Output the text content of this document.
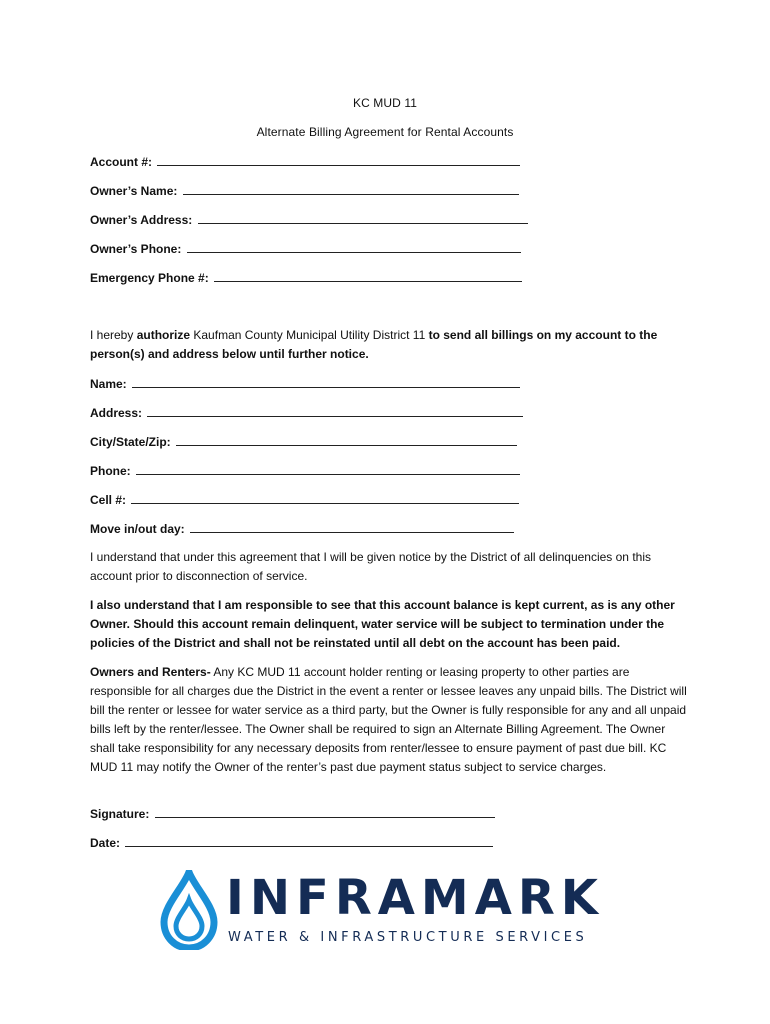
KC MUD 11
Alternate Billing Agreement for Rental Accounts
Account #:
Owner’s Name:
Owner’s Address:
Owner’s Phone:
Emergency Phone #:
I hereby authorize Kaufman County Municipal Utility District 11 to send all billings on my account to the person(s) and address below until further notice.
Name:
Address:
City/State/Zip:
Phone:
Cell #:
Move in/out day:
I understand that under this agreement that I will be given notice by the District of all delinquencies on this account prior to disconnection of service.
I also understand that I am responsible to see that this account balance is kept current, as is any other Owner. Should this account remain delinquent, water service will be subject to termination under the policies of the District and shall not be reinstated until all debt on the account has been paid.
Owners and Renters- Any KC MUD 11 account holder renting or leasing property to other parties are responsible for all charges due the District in the event a renter or lessee leaves any unpaid bills. The District will bill the renter or lessee for water service as a third party, but the Owner is fully responsible for any and all unpaid bills left by the renter/lessee. The Owner shall be required to sign an Alternate Billing Agreement. The Owner shall take responsibility for any necessary deposits from renter/lessee to ensure payment of past due bill. KC MUD 11 may notify the Owner of the renter’s past due payment status subject to service charges.
Signature:
Date:
INFRAMARK
WATER & INFRASTRUCTURE SERVICES
